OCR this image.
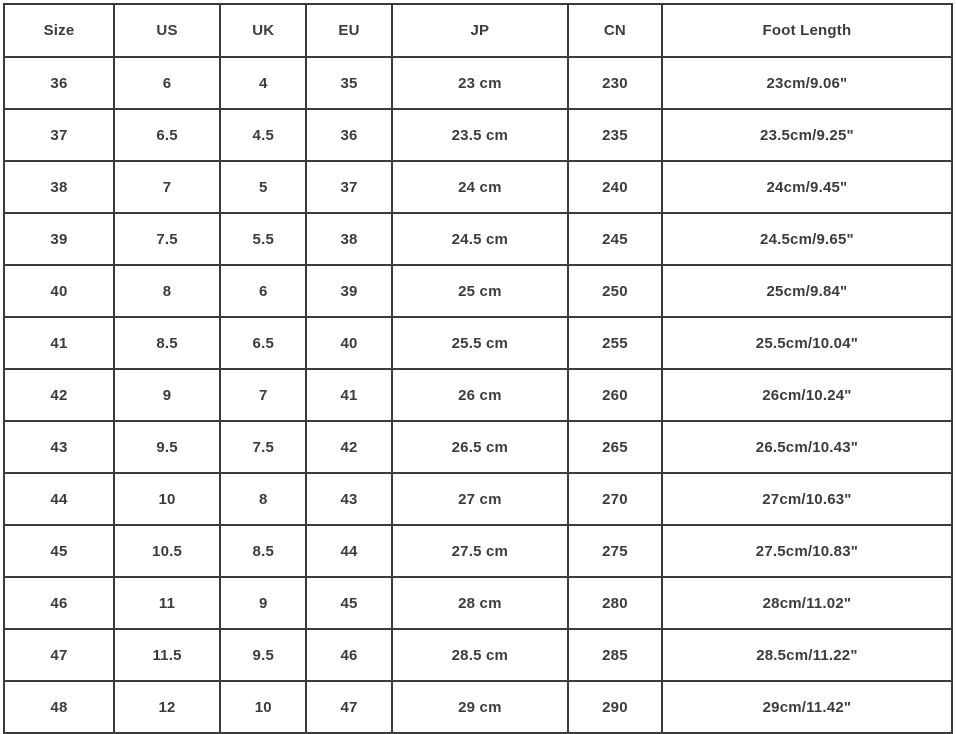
Size	US	UK	EU	JP	CN	Foot Length
36	6	4	35	23 cm	230	23cm/9.06"
37	6.5	4.5	36	23.5 cm	235	23.5cm/9.25"
38	7	5	37	24 cm	240	24cm/9.45"
39	7.5	5.5	38	24.5 cm	245	24.5cm/9.65"
40	8	6	39	25 cm	250	25cm/9.84"
41	8.5	6.5	40	25.5 cm	255	25.5cm/10.04"
42	9	7	41	26 cm	260	26cm/10.24"
43	9.5	7.5	42	26.5 cm	265	26.5cm/10.43"
44	10	8	43	27 cm	270	27cm/10.63"
45	10.5	8.5	44	27.5 cm	275	27.5cm/10.83"
46	11	9	45	28 cm	280	28cm/11.02"
47	11.5	9.5	46	28.5 cm	285	28.5cm/11.22"
48	12	10	47	29 cm	290	29cm/11.42"
